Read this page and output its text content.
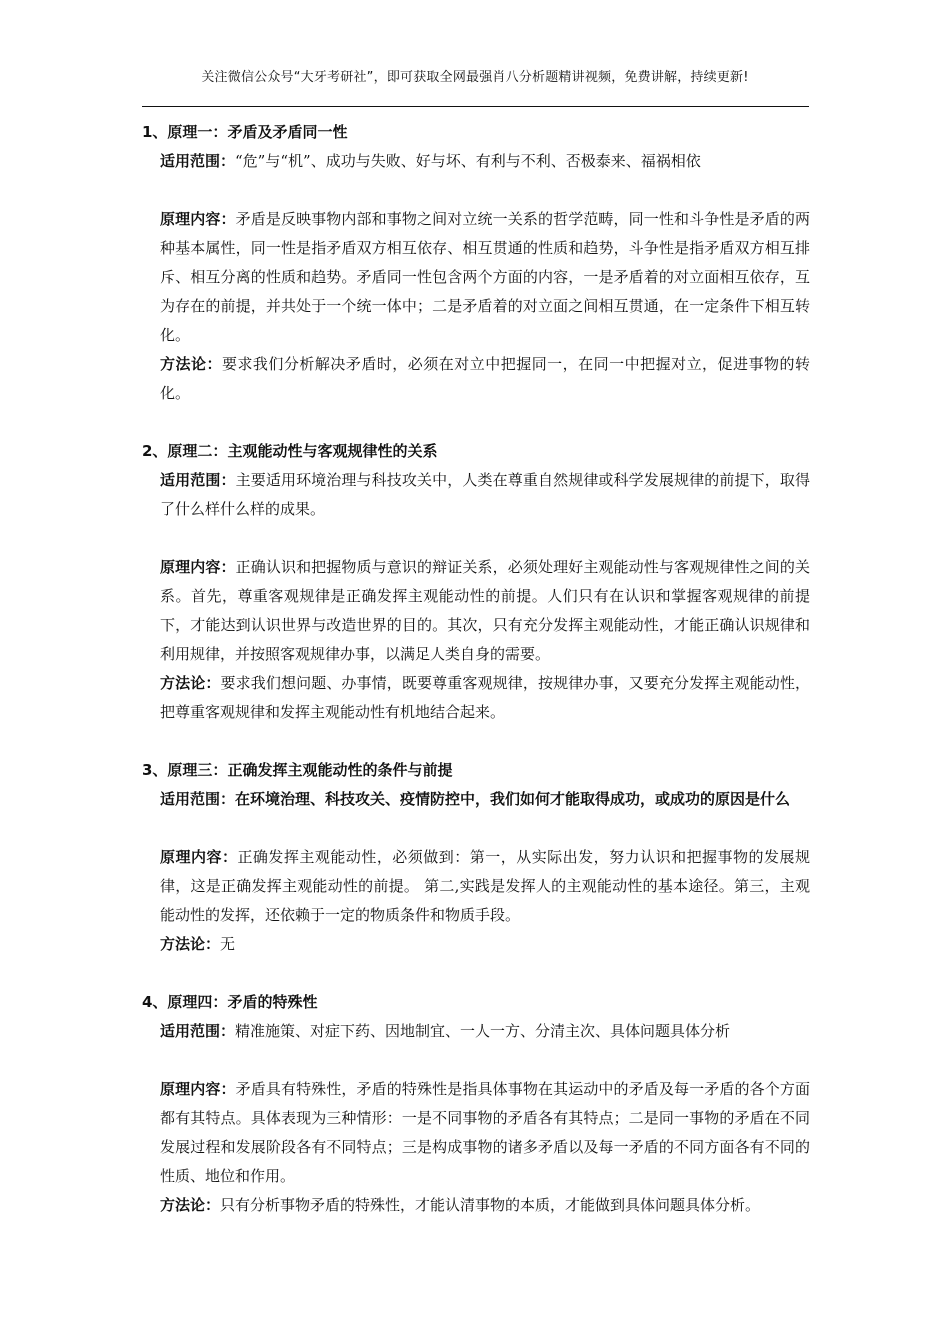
关注微信公众号“大牙考研社”，即可获取全网最强肖八分析题精讲视频，免费讲解，持续更新!

1、原理一：矛盾及矛盾同一性

适用范围：“危”与“机”、成功与失败、好与坏、有利与不利、否极泰来、福祸相依

原理内容：矛盾是反映事物内部和事物之间对立统一关系的哲学范畴，同一性和斗争性是矛盾的两种基本属性，同一性是指矛盾双方相互依存、相互贯通的性质和趋势，斗争性是指矛盾双方相互排斥、相互分离的性质和趋势。矛盾同一性包含两个方面的内容，一是矛盾着的对立面相互依存，互为存在的前提，并共处于一个统一体中；二是矛盾着的对立面之间相互贯通，在一定条件下相互转化。

方法论：要求我们分析解决矛盾时，必须在对立中把握同一，在同一中把握对立，促进事物的转化。

2、原理二：主观能动性与客观规律性的关系

适用范围：主要适用环境治理与科技攻关中，人类在尊重自然规律或科学发展规律的前提下，取得了什么样什么样的成果。

原理内容：正确认识和把握物质与意识的辩证关系，必须处理好主观能动性与客观规律性之间的关系。首先，尊重客观规律是正确发挥主观能动性的前提。人们只有在认识和掌握客观规律的前提下，才能达到认识世界与改造世界的目的。其次，只有充分发挥主观能动性，才能正确认识规律和利用规律，并按照客观规律办事，以满足人类自身的需要。

方法论：要求我们想问题、办事情，既要尊重客观规律，按规律办事，又要充分发挥主观能动性，把尊重客观规律和发挥主观能动性有机地结合起来。

3、原理三：正确发挥主观能动性的条件与前提

适用范围：在环境治理、科技攻关、疫情防控中，我们如何才能取得成功，或成功的原因是什么

原理内容：正确发挥主观能动性，必须做到：第一，从实际出发，努力认识和把握事物的发展规律，这是正确发挥主观能动性的前提。 第二,实践是发挥人的主观能动性的基本途径。第三，主观能动性的发挥，还依赖于一定的物质条件和物质手段。

方法论：无

4、原理四：矛盾的特殊性

适用范围：精准施策、对症下药、因地制宜、一人一方、分清主次、具体问题具体分析

原理内容：矛盾具有特殊性，矛盾的特殊性是指具体事物在其运动中的矛盾及每一矛盾的各个方面都有其特点。具体表现为三种情形：一是不同事物的矛盾各有其特点；二是同一事物的矛盾在不同发展过程和发展阶段各有不同特点；三是构成事物的诸多矛盾以及每一矛盾的不同方面各有不同的性质、地位和作用。

方法论：只有分析事物矛盾的特殊性，才能认清事物的本质，才能做到具体问题具体分析。
